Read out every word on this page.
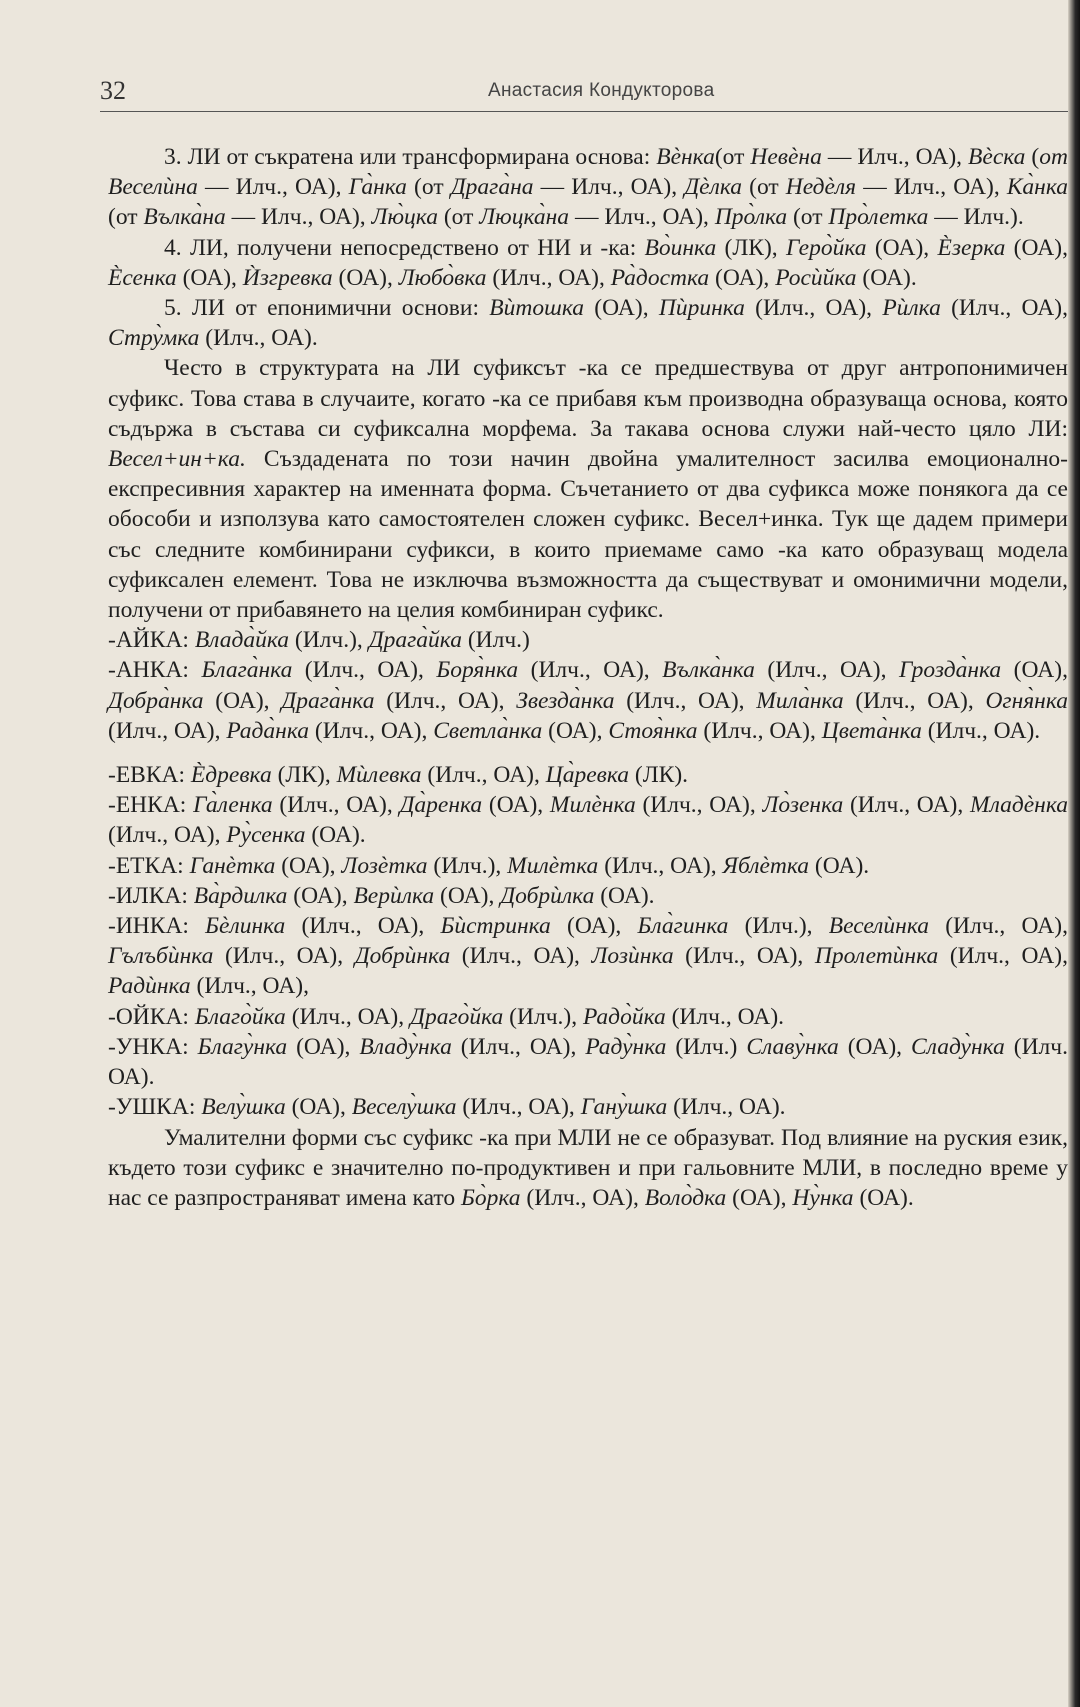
32	Анастасия Кондукторова

3. ЛИ от съкратена или трансформирана основа: Вѐнка(от Невѐна — Илч., ОА), Вѐска (от Веселѝна — Илч., ОА), Га̀нка (от Драга̀на — Илч., ОА), Дѐлка (от Недѐля — Илч., ОА), Ка̀нка (от Вълка̀на — Илч., ОА), Лю̀цка (от Люцка̀на — Илч., ОА), Про̀лка (от Про̀летка — Илч.).

4. ЛИ, получени непосредствено от НИ и -ка: Во̀инка (ЛК), Геро̀йка (ОА), Ѐзерка (ОА), Ѐсенка (ОА), Ѝзгревка (ОА), Любо̀вка (Илч., ОА), Ра̀достка (ОА), Росѝйка (ОА).

5. ЛИ от епонимични основи: Вѝтошка (ОА), Пѝринка (Илч., ОА), Рѝлка (Илч., ОА), Стру̀мка (Илч., ОА).

Често в структурата на ЛИ суфиксът -ка се предшествува от друг антропонимичен суфикс. Това става в случаите, когато -ка се прибавя към производна образуваща основа, която съдържа в състава си суфиксална морфема. За такава основа служи най-често цяло ЛИ: Весел+ин+ка. Създадената по този начин двойна умалителност засилва емоционално-експресивния характер на именната форма. Съчетанието от два суфикса може понякога да се обособи и използува като самостоятелен сложен суфикс. Весел+инка. Тук ще дадем примери със следните комбинирани суфикси, в които приемаме само -ка като образуващ модела суфиксален елемент. Това не изключва възможността да съществуват и омонимични модели, получени от прибавянето на целия комбиниран суфикс.

-АЙКА: Влада̀йка (Илч.), Драга̀йка (Илч.)

-АНКА: Блага̀нка (Илч., ОА), Боря̀нка (Илч., ОА), Вълка̀нка (Илч., ОА), Грозда̀нка (ОА), Добра̀нка (ОА), Драга̀нка (Илч., ОА), Звезда̀нка (Илч., ОА), Мила̀нка (Илч., ОА), Огня̀нка (Илч., ОА), Рада̀нка (Илч., ОА), Светла̀нка (ОА), Стоя̀нка (Илч., ОА), Цвета̀нка (Илч., ОА).

-ЕВКА: Ѐдревка (ЛК), Мѝлевка (Илч., ОА), Ца̀ревка (ЛК).

-ЕНКА: Га̀ленка (Илч., ОА), Да̀ренка (ОА), Милѐнка (Илч., ОА), Ло̀зенка (Илч., ОА), Младѐнка (Илч., ОА), Ру̀сенка (ОА).

-ЕТКА: Ганѐтка (ОА), Лозѐтка (Илч.), Милѐтка (Илч., ОА), Яблѐтка (ОА).

-ИЛКА: Ва̀рдилка (ОА), Верѝлка (ОА), Добрѝлка (ОА).

-ИНКА: Бѐлинка (Илч., ОА), Бѝстринка (ОА), Бла̀гинка (Илч.), Веселѝнка (Илч., ОА), Гълъбѝнка (Илч., ОА), Добрѝнка (Илч., ОА), Лозѝнка (Илч., ОА), Пролетѝнка (Илч., ОА), Радѝнка (Илч., ОА),

-ОЙКА: Благо̀йка (Илч., ОА), Драго̀йка (Илч.), Радо̀йка (Илч., ОА).

-УНКА: Благу̀нка (ОА), Владу̀нка (Илч., ОА), Раду̀нка (Илч.) Славу̀нка (ОА), Сладу̀нка (Илч. ОА).

-УШКА: Велу̀шка (ОА), Веселу̀шка (Илч., ОА), Гану̀шка (Илч., ОА).

Умалителни форми със суфикс -ка при МЛИ не се образуват. Под влияние на руския език, където този суфикс е значително по-продуктивен и при гальовните МЛИ, в последно време у нас се разпространяват имена като Бо̀рка (Илч., ОА), Воло̀дка (ОА), Ну̀нка (ОА).
